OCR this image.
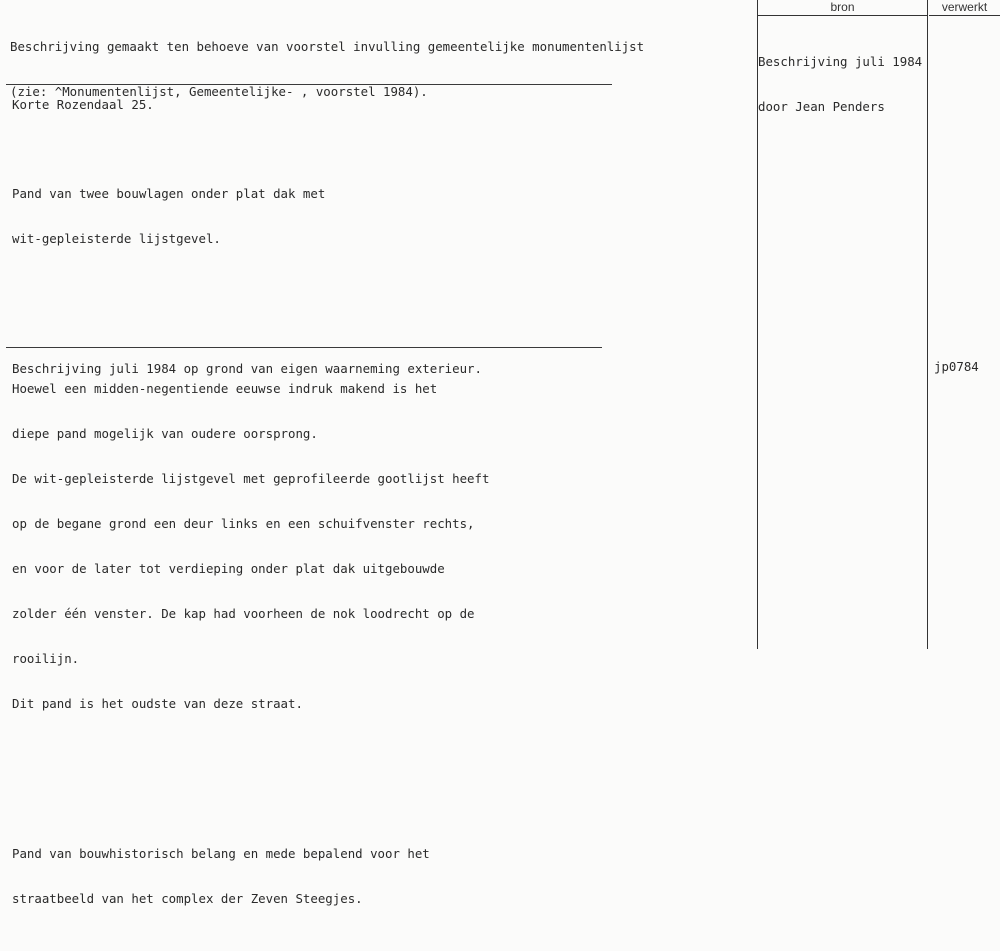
Beschrijving gemaakt ten behoeve van voorstel invulling gemeentelijke monumentenlijst

(zie: ^Monumentenlijst, Gemeentelijke- , voorstel 1984).

Korte Rozendaal 25.

Pand van twee bouwlagen onder plat dak met

wit-gepleisterde lijstgevel.

Hoewel een midden-negentiende eeuwse indruk makend is het

diepe pand mogelijk van oudere oorsprong.

De wit-gepleisterde lijstgevel met geprofileerde gootlijst heeft

op de begane grond een deur links en een schuifvenster rechts,

en voor de later tot verdieping onder plat dak uitgebouwde

zolder één venster. De kap had voorheen de nok loodrecht op de

rooilijn.

Dit pand is het oudste van deze straat.

Pand van bouwhistorisch belang en mede bepalend voor het

straatbeeld van het complex der Zeven Steegjes.

Beschrijving juli 1984 op grond van eigen waarneming exterieur.
bron	verwerkt

Beschrijving juli 1984

door Jean Penders

jp0784
